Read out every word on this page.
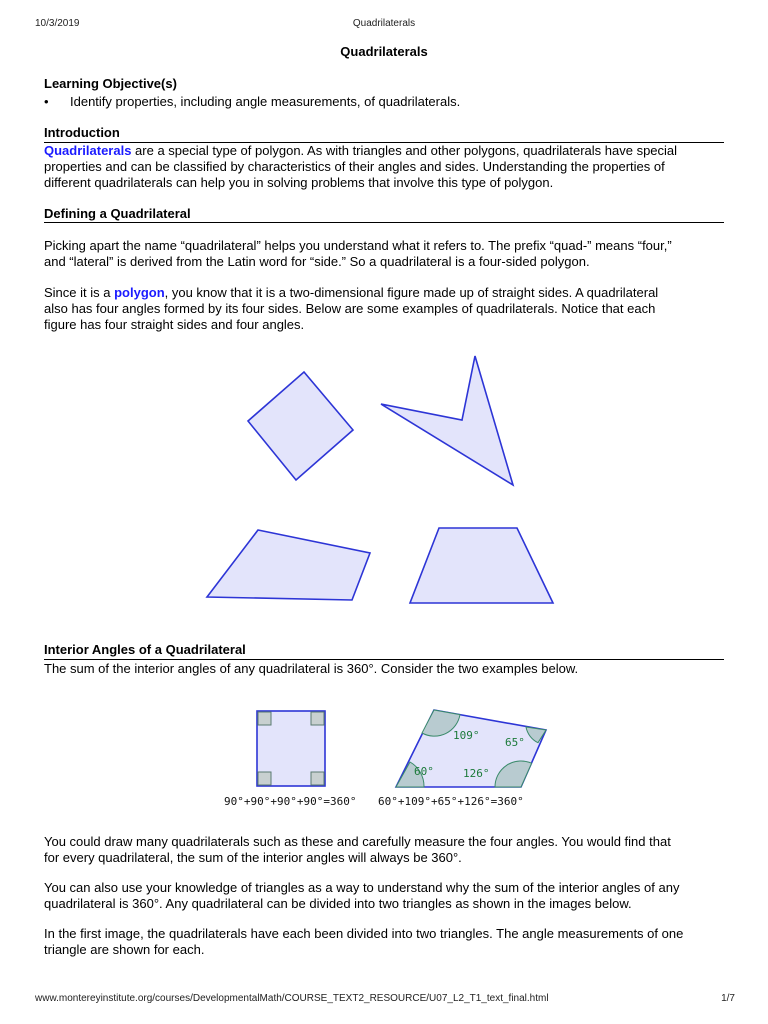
10/3/2019	Quadrilaterals
Quadrilaterals
Learning Objective(s)
• Identify properties, including angle measurements, of quadrilaterals.
Introduction
Quadrilaterals are a special type of polygon. As with triangles and other polygons, quadrilaterals have special
properties and can be classified by characteristics of their angles and sides. Understanding the properties of
different quadrilaterals can help you in solving problems that involve this type of polygon.
Defining a Quadrilateral
Picking apart the name “quadrilateral” helps you understand what it refers to. The prefix “quad-” means “four,”
and “lateral” is derived from the Latin word for “side.” So a quadrilateral is a four-sided polygon.
Since it is a polygon, you know that it is a two-dimensional figure made up of straight sides. A quadrilateral
also has four angles formed by its four sides. Below are some examples of quadrilaterals. Notice that each
figure has four straight sides and four angles.
109°
65°
60°	126°
Interior Angles of a Quadrilateral
The sum of the interior angles of any quadrilateral is 360°. Consider the two examples below.
90°+90°+90°+90°=360° 60°+109°+65°+126°=360°
You could draw many quadrilaterals such as these and carefully measure the four angles. You would find that
for every quadrilateral, the sum of the interior angles will always be 360°.
You can also use your knowledge of triangles as a way to understand why the sum of the interior angles of any
quadrilateral is 360°. Any quadrilateral can be divided into two triangles as shown in the images below.
In the first image, the quadrilaterals have each been divided into two triangles. The angle measurements of one
triangle are shown for each.
www.montereyinstitute.org/courses/DevelopmentalMath/COURSE_TEXT2_RESOURCE/U07_L2_T1_text_final.html	1/7
